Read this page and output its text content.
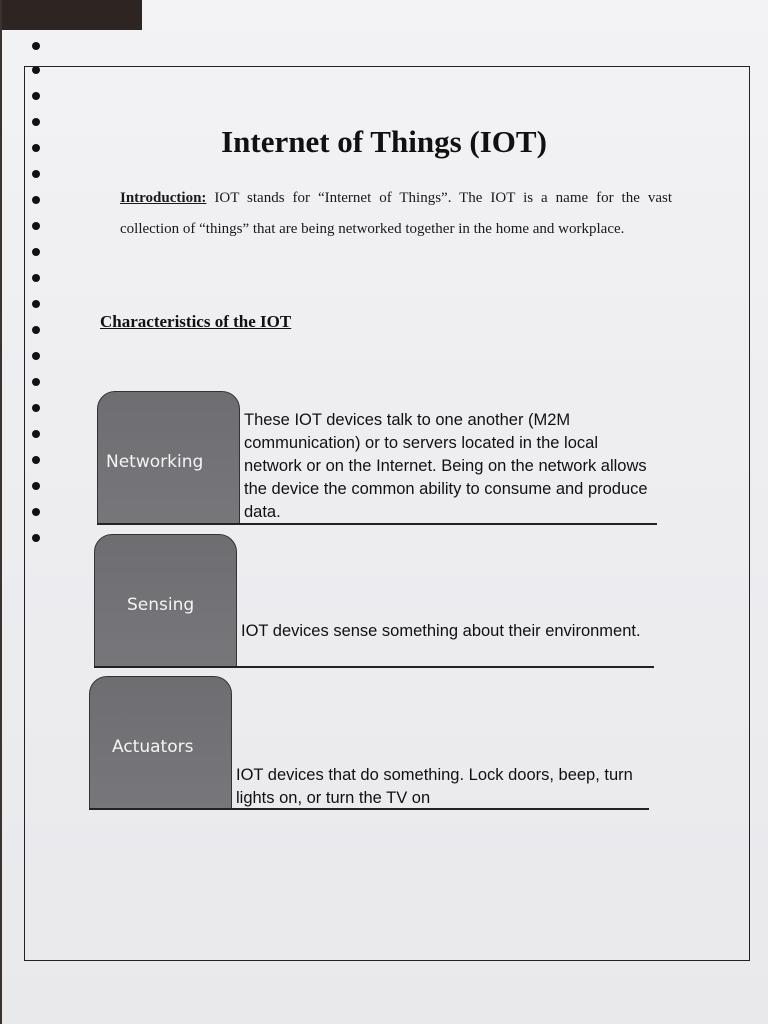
Internet of Things (IOT)
Introduction: IOT stands for “Internet of Things”. The IOT is a name for the vast collection of “things” that are being networked together in the home and workplace.
Characteristics of the IOT
Networking
These IOT devices talk to one another (M2M communication) or to servers located in the local network or on the Internet. Being on the network allows the device the common ability to consume and produce data.
Sensing
IOT devices sense something about their environment.
Actuators
IOT devices that do something. Lock doors, beep, turn lights on, or turn the TV on
